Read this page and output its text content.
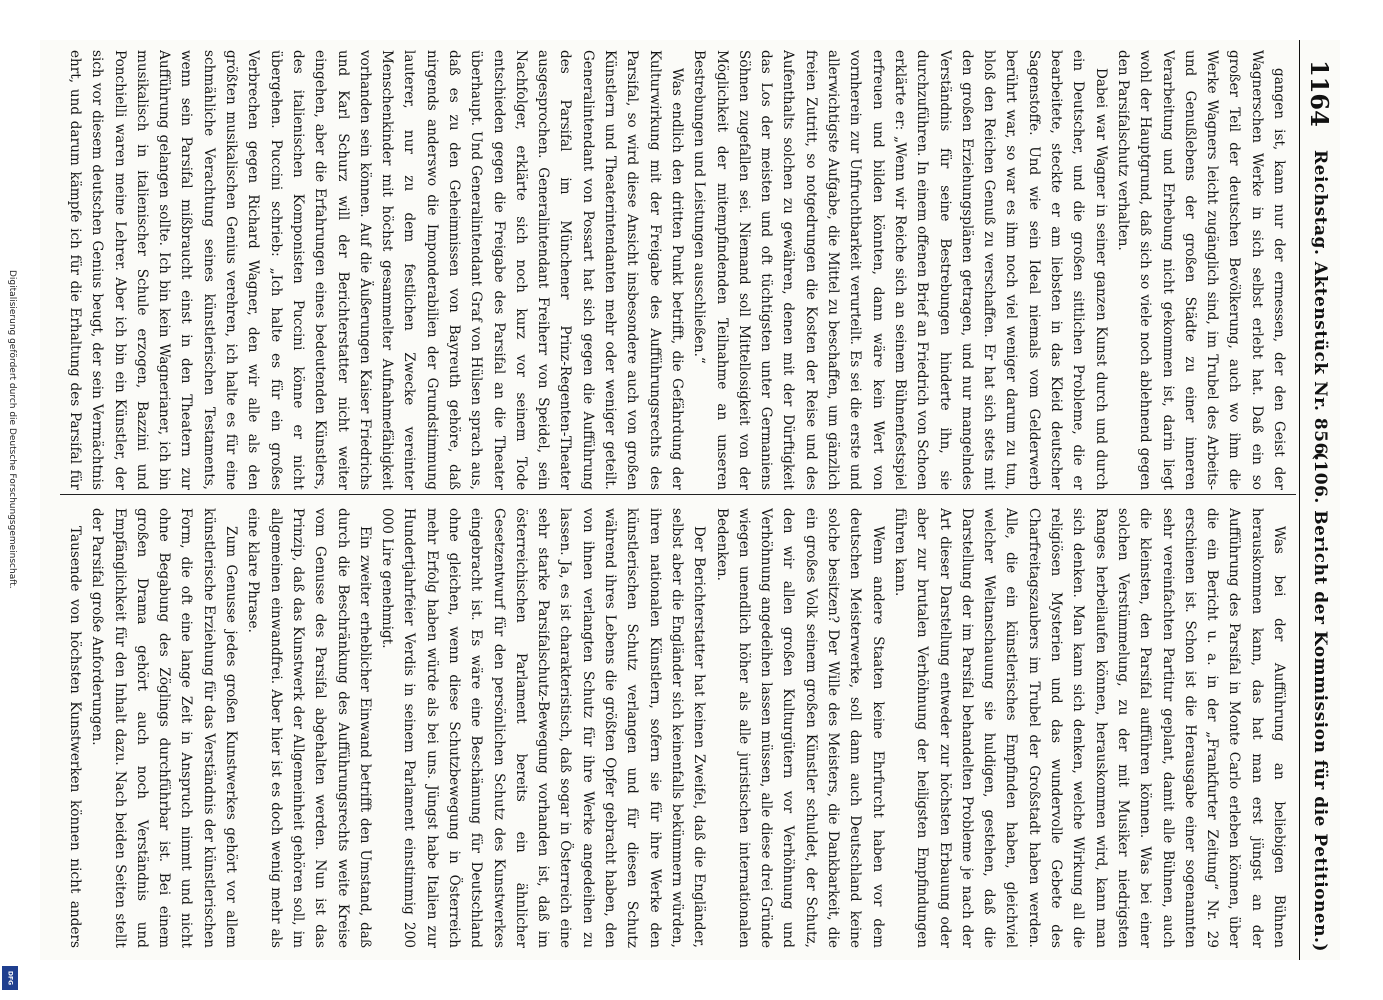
Digitalisierung gefördert durch die Deutsche Forschungsgemeinschaft.
DFG
1164
Reichstag. Aktenstück Nr. 856.
(106. Bericht der Kommission für die Petitionen.)

gangen ist, kann nur der ermessen, der den Geist der Wagnerschen Werke in sich selbst erlebt hat. Daß ein so großer Teil der deutschen Bevölkerung, auch wo ihm die Werke Wagners leicht zugänglich sind, im Trubel des Arbeits- und Genußlebens der großen Städte zu einer inneren Verarbeitung und Erhebung nicht gekommen ist, darin liegt wohl der Hauptgrund, daß sich so viele noch ablehnend gegen den Parsifalschutz verhalten.

Dabei war Wagner in seiner ganzen Kunst durch und durch ein Deutscher, und die großen sittlichen Probleme, die er bearbeitete, steckte er am liebsten in das Kleid deutscher Sagenstoffe. Und wie sein Ideal niemals vom Gelderwerb berührt war, so war es ihm noch viel weniger darum zu tun, bloß den Reichen Genuß zu verschaffen. Er hat sich stets mit den großen Erziehungsplänen getragen, und nur mangelndes Verständnis für seine Bestrebungen hinderte ihn, sie durchzuführen. In einem offenen Brief an Friedrich von Schoen erklärte er: „Wenn wir Reiche sich an seinem Bühnenfestspiel erfreuen und bilden könnten, dann wäre kein Wert von vornherein zur Unfruchtbarkeit verurteilt. Es sei die erste und allerwichtigste Aufgabe, die Mittel zu beschaffen, um gänzlich freien Zutritt, so notgedrungen die Kosten der Reise und des Aufenthalts solchen zu gewähren, denen mit der Dürftigkeit das Los der meisten und oft tüchtigsten unter Germaniens Söhnen zugefallen sei. Niemand soll Mittellosigkeit von der Möglichkeit der mitempfindenden Teilnahme an unseren Bestrebungen und Leistungen ausschließen.“

Was endlich den dritten Punkt betrifft, die Gefährdung der Kulturwirkung mit der Freigabe des Aufführungsrechts des Parsifal, so wird diese Ansicht insbesondere auch von großen Künstlern und Theaterintendanten mehr oder weniger geteilt. Generalintendant von Possart hat sich gegen die Aufführung des Parsifal im Münchener Prinz-Regenten-Theater ausgesprochen. Generalintendant Freiherr von Speidel, sein Nachfolger, erklärte sich noch kurz vor seinem Tode entschieden gegen die Freigabe des Parsifal an die Theater überhaupt. Und Generalintendant Graf von Hülsen sprach aus, daß es zu den Geheimnissen von Bayreuth gehöre, daß nirgends anderswo die Imponderabilien der Grundstimmung lauterer, nur zu dem festlichen Zwecke vereinter Menschenkinder mit höchst gesammelter Aufnahmefähigkeit vorhanden sein können. Auf die Äußerungen Kaiser Friedrichs und Karl Schurz will der Berichterstatter nicht weiter eingehen, aber die Erfahrungen eines bedeutenden Künstlers, des italienischen Komponisten Puccini könne er nicht übergehen. Puccini schrieb: „Ich halte es für ein großes Verbrechen gegen Richard Wagner, den wir alle als den größten musikalischen Genius verehren, ich halte es für eine schmähliche Verachtung seines künstlerischen Testaments, wenn sein Parsifal mißbraucht einst in den Theatern zur Aufführung gelangen sollte. Ich bin kein Wagnerianer, ich bin musikalisch in italienischer Schule erzogen, Bazzini und Ponchielli waren meine Lehrer. Aber ich bin ein Künstler, der sich vor diesem deutschen Genius beugt, der sein Vermächtnis ehrt, und darum kämpfe ich für die Erhaltung des Parsifal für

Was bei der Aufführung an beliebigen Bühnen herauskommen kann, das hat man erst jüngst an der Aufführung des Parsifal in Monte Carlo erleben können, über die ein Bericht u. a. in der „Frankfurter Zeitung“ Nr. 29 erschienen ist. Schon ist die Herausgabe einer sogenannten sehr vereinfachten Partitur geplant, damit alle Bühnen, auch die kleinsten, den Parsifal aufführen können. Was bei einer solchen Verstümmelung, zu der mit Musiker niedrigsten Ranges herbeilaufen können, herauskommen wird, kann man sich denken. Man kann sich denken, welche Wirkung all die religiösen Mysterien und das wundervolle Gebete des Charfreitagszaubers im Trubel der Großstadt haben werden. Alle, die ein künstlerisches Empfinden haben, gleichviel welcher Weltanschauung sie huldigen, gestehen, daß die Darstellung der im Parsifal behandelten Probleme je nach der Art dieser Darstellung entweder zur höchsten Erbauung oder aber zur brutalen Verhöhnung der heiligsten Empfindungen führen kann.

Wenn andere Staaten keine Ehrfurcht haben vor dem deutschen Meisterwerke, soll dann auch Deutschland keine solche besitzen? Der Wille des Meisters, die Dankbarkeit, die ein großes Volk seinem großen Künstler schuldet, der Schutz, den wir allen großen Kulturgütern vor Verhöhnung und Verhöhnung angedeihen lassen müssen, alle diese drei Gründe wiegen unendlich höher als alle juristischen internationalen Bedenken.

Der Berichterstatter hat keinen Zweifel, daß die Engländer, selbst aber die Engländer sich keinenfalls bekümmern würden, ihren nationalen Künstlern, sofern sie für ihre Werke den künstlerischen Schutz verlangen und für diesen Schutz während ihres Lebens die größten Opfer gebracht haben, den von ihnen verlangten Schutz für ihre Werke angedeihen zu lassen. Ja, es ist charakteristisch, daß sogar in Österreich eine sehr starke Parsifalschutz-Bewegung vorhanden ist, daß im österreichischen Parlament bereits ein ähnlicher Gesetzentwurf für den persönlichen Schutz des Kunstwerkes eingebracht ist. Es wäre eine Beschämung für Deutschland ohne gleichen, wenn diese Schutzbewegung in Österreich mehr Erfolg haben würde als bei uns. Jüngst habe Italien zur Hundertjahrfeier Verdis in seinem Parlament einstimmig 200 000 Lire genehmigt.

Ein zweiter erheblicher Einwand betrifft den Umstand, daß durch die Beschränkung des Aufführungsrechts weite Kreise vom Genusse des Parsifal abgehalten werden. Nun ist das Prinzip, daß das Kunstwerk der Allgemeinheit gehören soll, im allgemeinen einwandfrei. Aber hier ist es doch wenig mehr als eine klare Phrase.

Zum Genusse jedes großen Kunstwerkes gehört vor allem künstlerische Erziehung für das Verständnis der künstlerischen Form, die oft eine lange Zeit in Anspruch nimmt und nicht ohne Begabung des Zöglings durchführbar ist. Bei einem großen Drama gehört auch noch Verständnis und Empfänglichkeit für den Inhalt dazu. Nach beiden Seiten stellt der Parsifal große Anforderungen.

Tausende von höchsten Kunstwerken können nicht anders
